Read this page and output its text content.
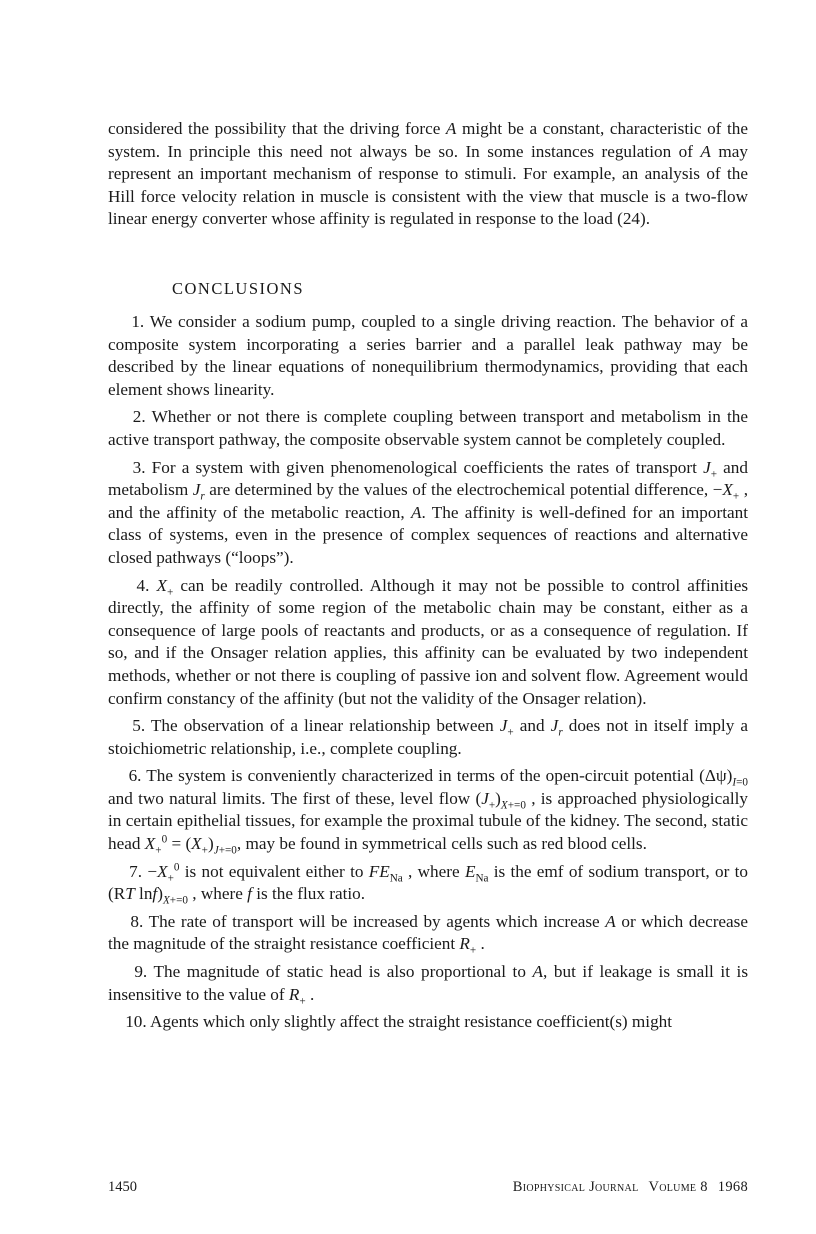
considered the possibility that the driving force A might be a constant, characteristic of the system. In principle this need not always be so. In some instances regulation of A may represent an important mechanism of response to stimuli. For example, an analysis of the Hill force velocity relation in muscle is consistent with the view that muscle is a two-flow linear energy converter whose affinity is regulated in response to the load (24).
CONCLUSIONS

1. We consider a sodium pump, coupled to a single driving reaction. The behavior of a composite system incorporating a series barrier and a parallel leak pathway may be described by the linear equations of nonequilibrium thermodynamics, providing that each element shows linearity.

2. Whether or not there is complete coupling between transport and metabolism in the active transport pathway, the composite observable system cannot be completely coupled.

3. For a system with given phenomenological coefficients the rates of transport $J_+$ and metabolism $J_r$ are determined by the values of the electrochemical potential difference, $-X_+$ , and the affinity of the metabolic reaction, A. The affinity is well-defined for an important class of systems, even in the presence of complex sequences of reactions and alternative closed pathways (“loops”).

4. $X_+$ can be readily controlled. Although it may not be possible to control affinities directly, the affinity of some region of the metabolic chain may be constant, either as a consequence of large pools of reactants and products, or as a consequence of regulation. If so, and if the Onsager relation applies, this affinity can be evaluated by two independent methods, whether or not there is coupling of passive ion and solvent flow. Agreement would confirm constancy of the affinity (but not the validity of the Onsager relation).

5. The observation of a linear relationship between $J_+$ and $J_r$ does not in itself imply a stoichiometric relationship, i.e., complete coupling.

6. The system is conveniently characterized in terms of the open-circuit potential $(\Delta\psi)_{I=0}$ and two natural limits. The first of these, level flow $(J_+)_{X+=0}$ , is approached physiologically in certain epithelial tissues, for example the proximal tubule of the kidney. The second, static head $X_+^0 = (X_+)_{J+=0}$, may be found in symmetrical cells such as red blood cells.

7. $-X_+^0$ is not equivalent either to $FE_{Na}$ , where $E_{Na}$ is the emf of sodium transport, or to (RT $\ln f)_{X+=0}$ , where f is the flux ratio.

8. The rate of transport will be increased by agents which increase A or which decrease the magnitude of the straight resistance coefficient $R_+$ .

9. The magnitude of static head is also proportional to A, but if leakage is small it is insensitive to the value of $R_+$ .

10. Agents which only slightly affect the straight resistance coefficient(s) might

1450	Biophysical Journal Volume 8 1968
